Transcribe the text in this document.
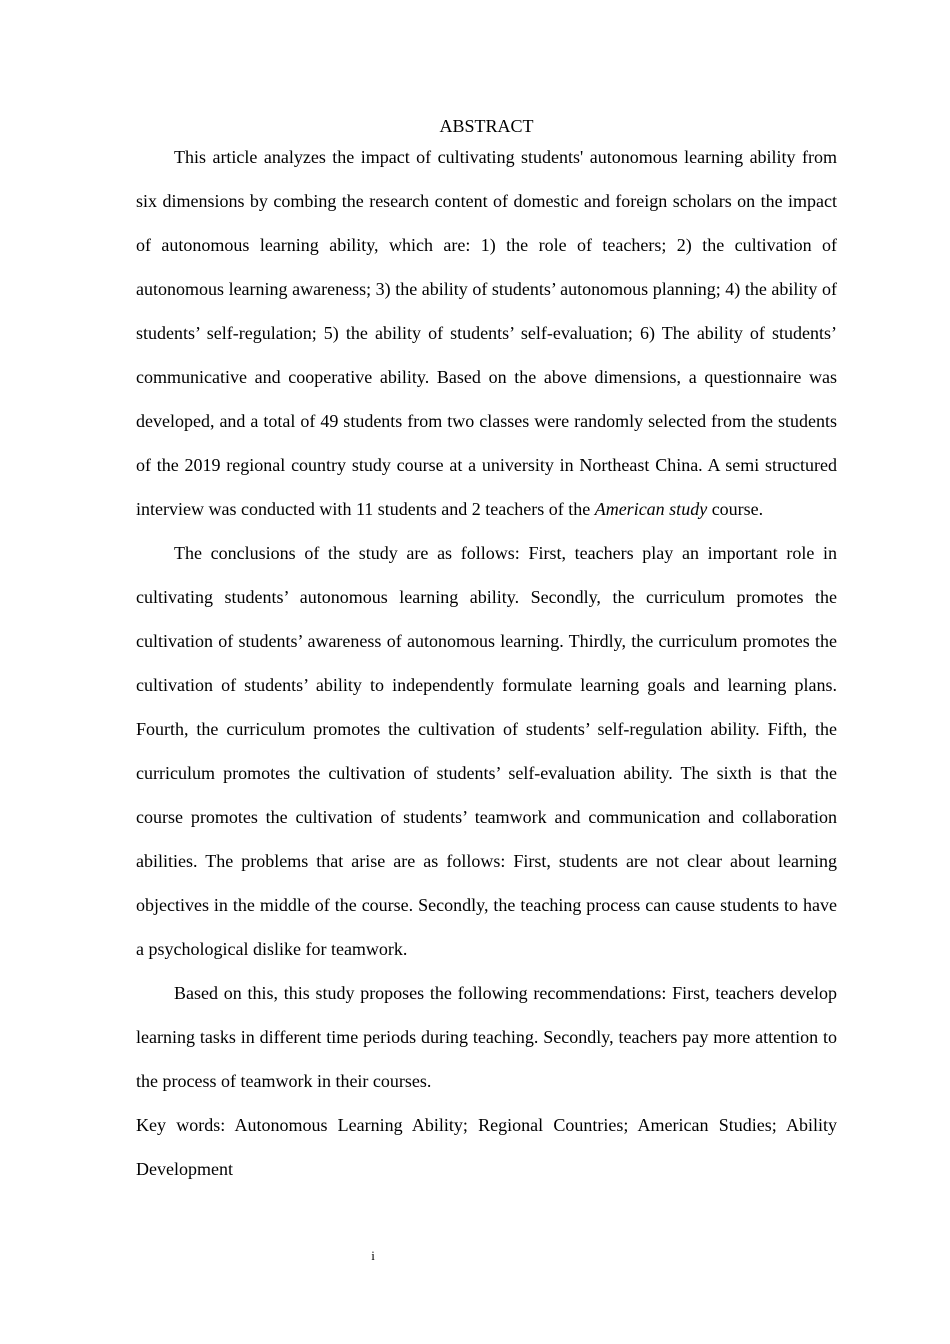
ABSTRACT

This article analyzes the impact of cultivating students' autonomous learning ability from six dimensions by combing the research content of domestic and foreign scholars on the impact of autonomous learning ability, which are: 1) the role of teachers; 2) the cultivation of autonomous learning awareness; 3) the ability of students’ autonomous planning; 4) the ability of students’ self-regulation; 5) the ability of students’ self-evaluation; 6) The ability of students’ communicative and cooperative ability. Based on the above dimensions, a questionnaire was developed, and a total of 49 students from two classes were randomly selected from the students of the 2019 regional country study course at a university in Northeast China. A semi structured interview was conducted with 11 students and 2 teachers of the American study course.

The conclusions of the study are as follows: First, teachers play an important role in cultivating students’ autonomous learning ability. Secondly, the curriculum promotes the cultivation of students’ awareness of autonomous learning. Thirdly, the curriculum promotes the cultivation of students’ ability to independently formulate learning goals and learning plans. Fourth, the curriculum promotes the cultivation of students’ self-regulation ability. Fifth, the curriculum promotes the cultivation of students’ self-evaluation ability. The sixth is that the course promotes the cultivation of students’ teamwork and communication and collaboration abilities. The problems that arise are as follows: First, students are not clear about learning objectives in the middle of the course. Secondly, the teaching process can cause students to have a psychological dislike for teamwork.

Based on this, this study proposes the following recommendations: First, teachers develop learning tasks in different time periods during teaching. Secondly, teachers pay more attention to the process of teamwork in their courses.

Key words: Autonomous Learning Ability; Regional Countries; American Studies; Ability Development

i
